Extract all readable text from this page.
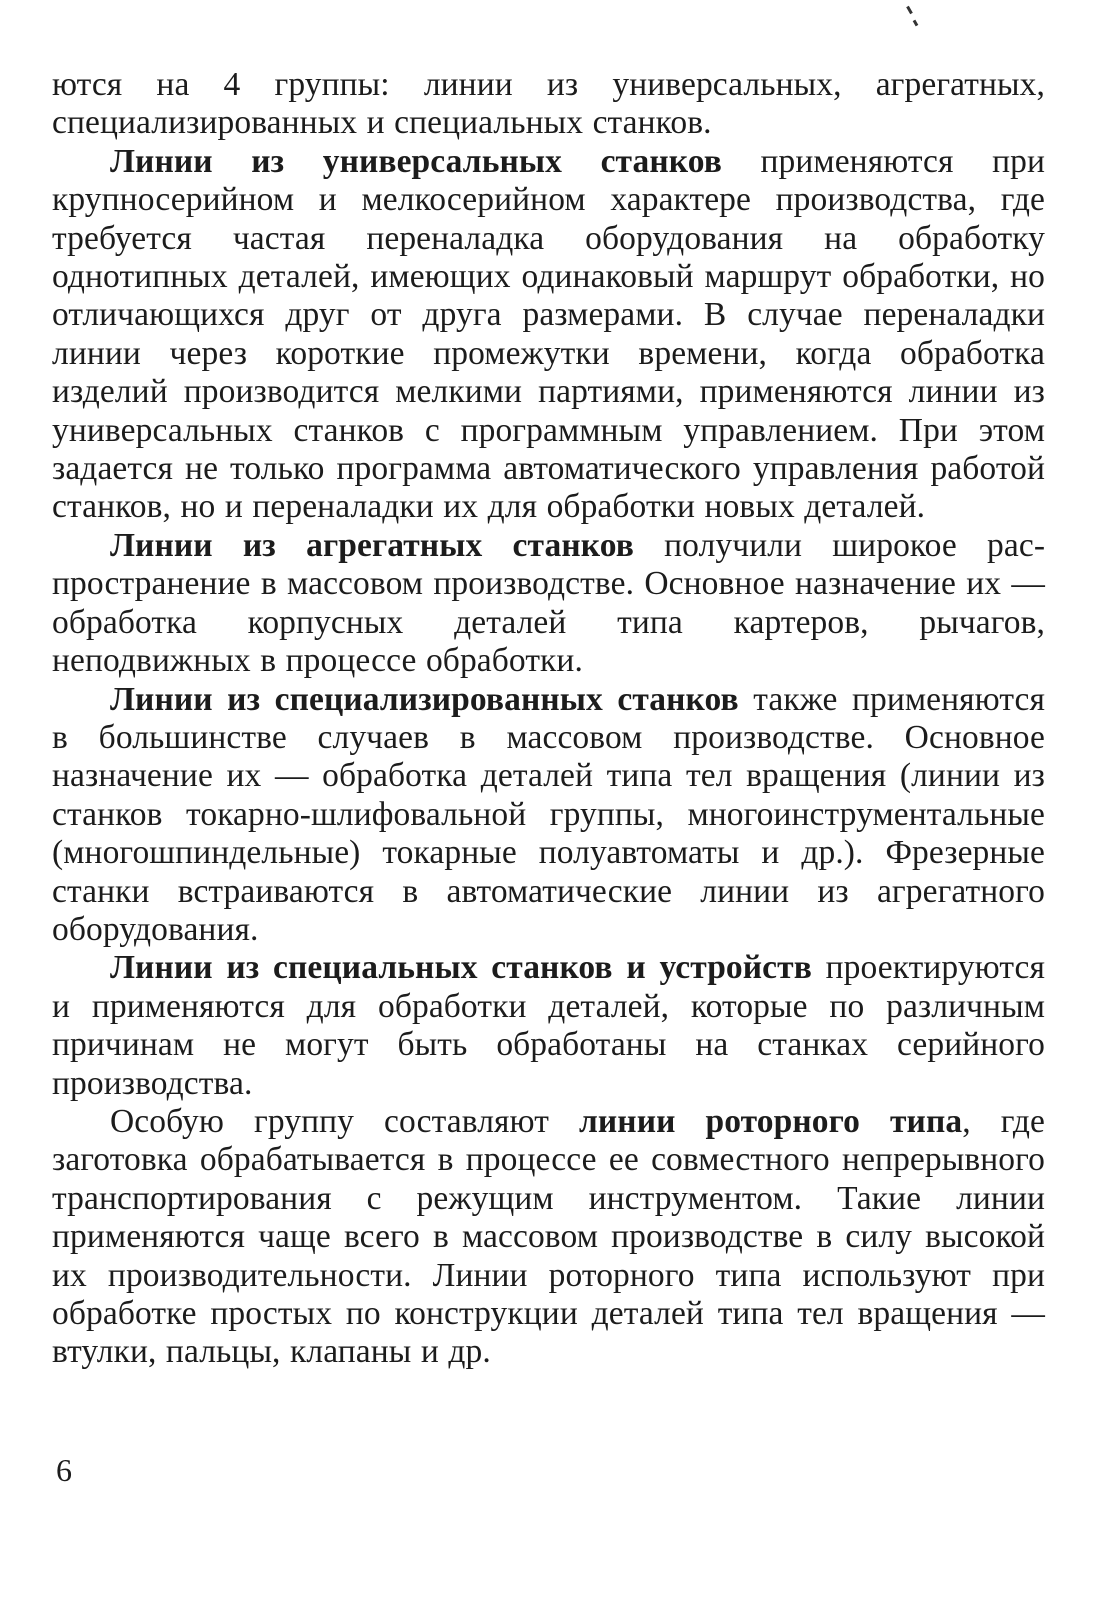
ются на 4 группы: линии из универсальных, агрегатных, специализированных и специальных станков.

Линии из универсальных станков применяются при крупносерийном и мелкосерийном характере производства, где требуется частая переналадка оборудования на обработку однотипных деталей, имеющих одинаковый маршрут обработки, но отличающихся друг от друга размерами. В случае переналадки линии через короткие промежутки времени, когда обработка изделий производится мелкими партиями, применяются линии из универсальных станков с программным управлением. При этом задается не только программа автоматического управления работой станков, но и переналадки их для обработки новых деталей.

Линии из агрегатных станков получили широкое распространение в массовом производстве. Основное назначение их — обработка корпусных деталей типа картеров, рычагов, неподвижных в процессе обработки.

Линии из специализированных станков также применяются в большинстве случаев в массовом производстве. Основное назначение их — обработка деталей типа тел вращения (линии из станков токарно-шлифовальной группы, многоинструментальные (многошпиндельные) токарные полуавтоматы и др.). Фрезерные станки встраиваются в автоматические линии из агрегатного оборудования.

Линии из специальных станков и устройств проектируются и применяются для обработки деталей, которые по различным причинам не могут быть обработаны на станках серийного производства.

Особую группу составляют линии роторного типа, где заготовка обрабатывается в процессе ее совместного непрерывного транспортирования с режущим инструментом. Такие линии применяются чаще всего в массовом производстве в силу высокой их производительности. Линии роторного типа используют при обработке простых по конструкции деталей типа тел вращения — втулки, пальцы, клапаны и др.

6
